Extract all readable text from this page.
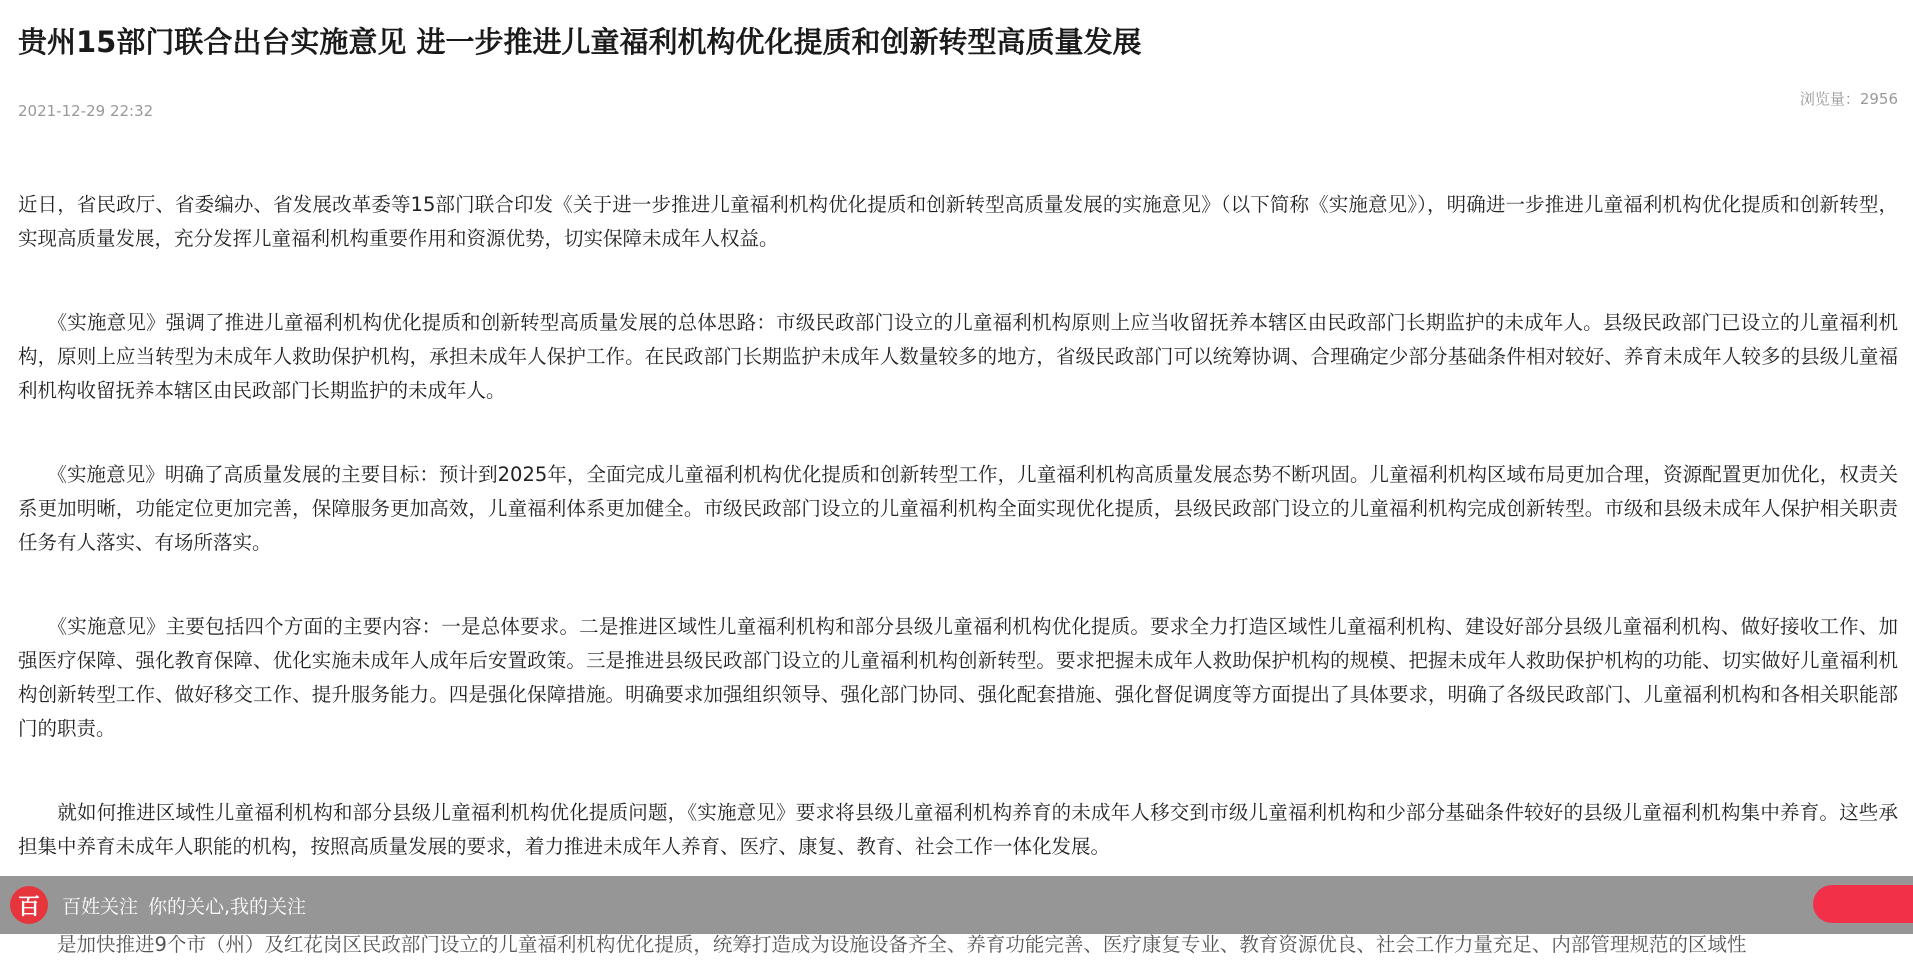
贵州15部门联合出台实施意见 进一步推进儿童福利机构优化提质和创新转型高质量发展
2021-12-29 22:32
浏览量：2956

近日，省民政厅、省委编办、省发展改革委等15部门联合印发《关于进一步推进儿童福利机构优化提质和创新转型高质量发展的实施意见》（以下简称《实施意见》），明确进一步推进儿童福利机构优化提质和创新转型，实现高质量发展，充分发挥儿童福利机构重要作用和资源优势，切实保障未成年人权益。

　　《实施意见》强调了推进儿童福利机构优化提质和创新转型高质量发展的总体思路：市级民政部门设立的儿童福利机构原则上应当收留抚养本辖区由民政部门长期监护的未成年人。县级民政部门已设立的儿童福利机构，原则上应当转型为未成年人救助保护机构，承担未成年人保护工作。在民政部门长期监护未成年人数量较多的地方，省级民政部门可以统筹协调、合理确定少部分基础条件相对较好、养育未成年人较多的县级儿童福利机构收留抚养本辖区由民政部门长期监护的未成年人。

　　《实施意见》明确了高质量发展的主要目标：预计到2025年，全面完成儿童福利机构优化提质和创新转型工作，儿童福利机构高质量发展态势不断巩固。儿童福利机构区域布局更加合理，资源配置更加优化，权责关系更加明晰，功能定位更加完善，保障服务更加高效，儿童福利体系更加健全。市级民政部门设立的儿童福利机构全面实现优化提质，县级民政部门设立的儿童福利机构完成创新转型。市级和县级未成年人保护相关职责任务有人落实、有场所落实。

　　《实施意见》主要包括四个方面的主要内容：一是总体要求。二是推进区域性儿童福利机构和部分县级儿童福利机构优化提质。要求全力打造区域性儿童福利机构、建设好部分县级儿童福利机构、做好接收工作、加强医疗保障、强化教育保障、优化实施未成年人成年后安置政策。三是推进县级民政部门设立的儿童福利机构创新转型。要求把握未成年人救助保护机构的规模、把握未成年人救助保护机构的功能、切实做好儿童福利机构创新转型工作、做好移交工作、提升服务能力。四是强化保障措施。明确要求加强组织领导、强化部门协同、强化配套措施、强化督促调度等方面提出了具体要求，明确了各级民政部门、儿童福利机构和各相关职能部门的职责。

　　就如何推进区域性儿童福利机构和部分县级儿童福利机构优化提质问题，《实施意见》要求将县级儿童福利机构养育的未成年人移交到市级儿童福利机构和少部分基础条件较好的县级儿童福利机构集中养育。这些承担集中养育未成年人职能的机构，按照高质量发展的要求，着力推进未成年人养育、医疗、康复、教育、社会工作一体化发展。

　　是加快推进9个市（州）及红花岗区民政部门设立的儿童福利机构优化提质，统筹打造成为设施设备齐全、养育功能完善、医疗康复专业、教育资源优良、社会工作力量充足、内部管理规范的区域性
百	百姓关注 你的关心,我的关注
